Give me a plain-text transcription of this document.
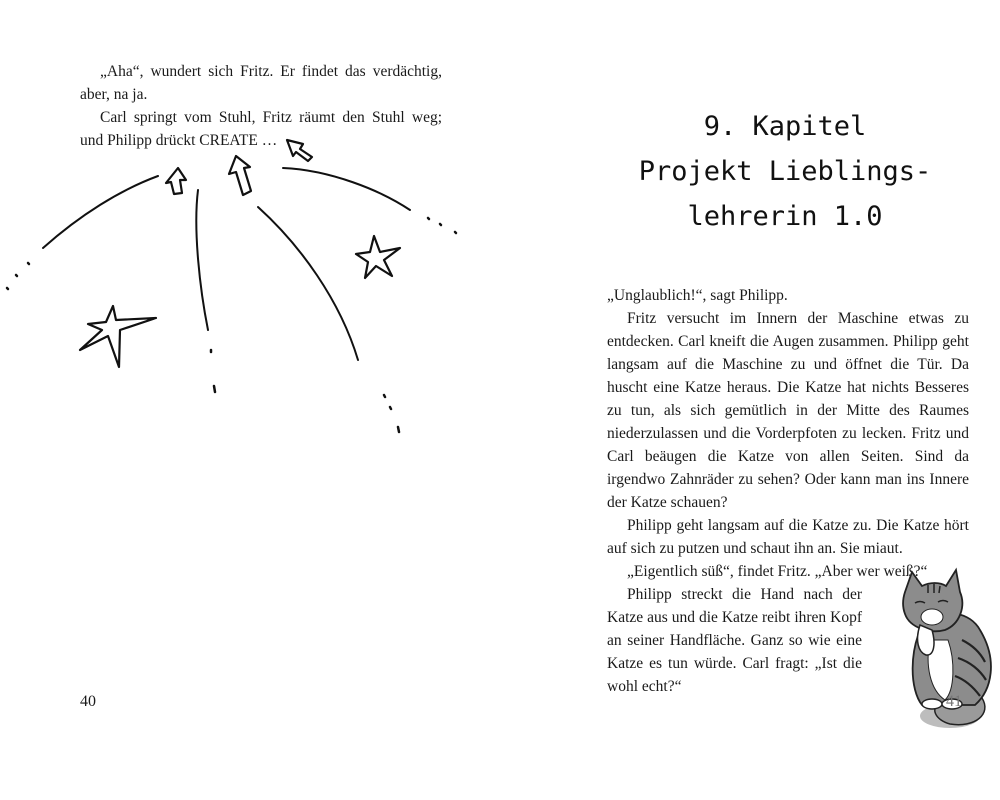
„Aha“, wundert sich Fritz. Er findet das verdächtig, aber, na ja.

Carl springt vom Stuhl, Fritz räumt den Stuhl weg; und Philipp drückt CREATE …

40
9. Kapitel
Projekt Lieblings-
lehrerin 1.0

„Unglaublich!“, sagt Philipp.

Fritz versucht im Innern der Maschine etwas zu entdecken. Carl kneift die Augen zusammen. Philipp geht langsam auf die Maschine zu und öffnet die Tür. Da huscht eine Katze heraus. Die Katze hat nichts Besseres zu tun, als sich gemütlich in der Mitte des Raumes niederzulassen und die Vorderpfoten zu lecken. Fritz und Carl beäugen die Katze von allen Seiten. Sind da irgendwo Zahnräder zu sehen? Oder kann man ins Innere der Katze schauen?

Philipp geht langsam auf die Katze zu. Die Katze hört auf sich zu putzen und schaut ihn an. Sie miaut.

„Eigentlich süß“, findet Fritz. „Aber wer weiß?“

Philipp streckt die Hand nach der Katze aus und die Katze reibt ihren Kopf an seiner Handfläche. Ganz so wie eine Katze es tun würde. Carl fragt: „Ist die wohl echt?“

41
